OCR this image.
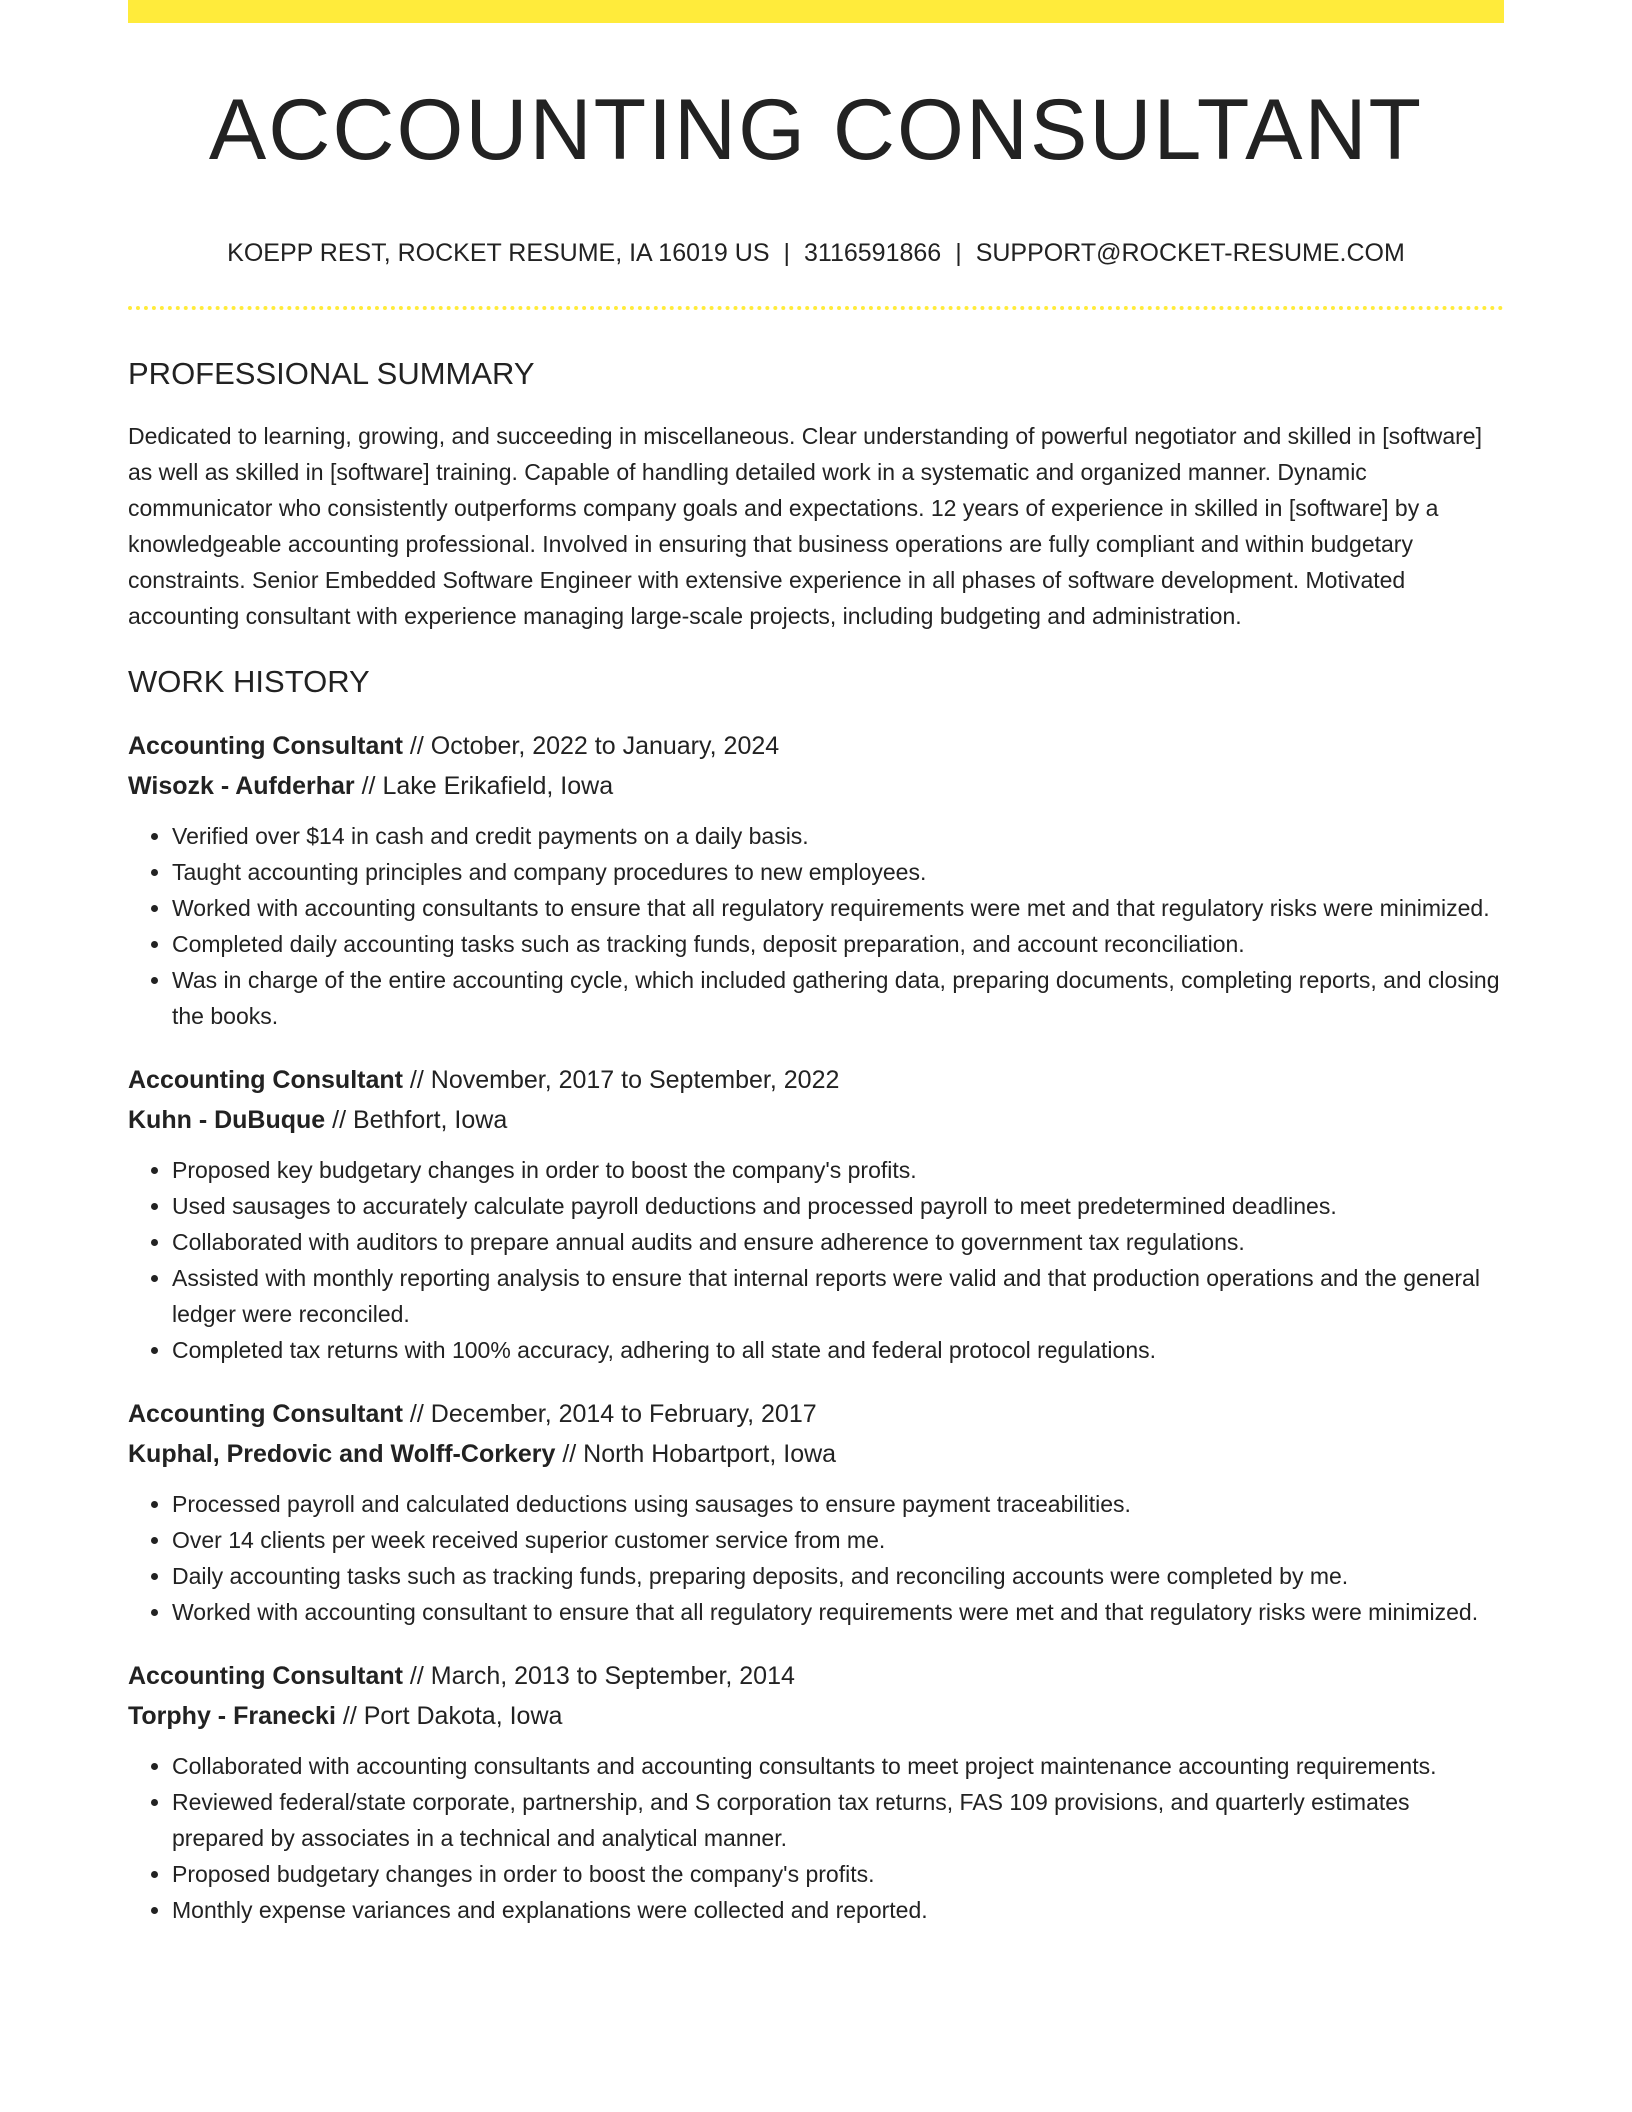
ACCOUNTING CONSULTANT
KOEPP REST, ROCKET RESUME, IA 16019 US | 3116591866 | SUPPORT@ROCKET-RESUME.COM
PROFESSIONAL SUMMARY

Dedicated to learning, growing, and succeeding in miscellaneous. Clear understanding of powerful negotiator and skilled in [software] as well as skilled in [software] training. Capable of handling detailed work in a systematic and organized manner. Dynamic communicator who consistently outperforms company goals and expectations. 12 years of experience in skilled in [software] by a knowledgeable accounting professional. Involved in ensuring that business operations are fully compliant and within budgetary constraints. Senior Embedded Software Engineer with extensive experience in all phases of software development. Motivated accounting consultant with experience managing large-scale projects, including budgeting and administration.

WORK HISTORY
Accounting Consultant // October, 2022 to January, 2024
Wisozk - Aufderhar // Lake Erikafield, Iowa
• Verified over $14 in cash and credit payments on a daily basis.
• Taught accounting principles and company procedures to new employees.
• Worked with accounting consultants to ensure that all regulatory requirements were met and that regulatory risks were minimized.
• Completed daily accounting tasks such as tracking funds, deposit preparation, and account reconciliation.
• Was in charge of the entire accounting cycle, which included gathering data, preparing documents, completing reports, and closing the books.
Accounting Consultant // November, 2017 to September, 2022
Kuhn - DuBuque // Bethfort, Iowa
• Proposed key budgetary changes in order to boost the company's profits.
• Used sausages to accurately calculate payroll deductions and processed payroll to meet predetermined deadlines.
• Collaborated with auditors to prepare annual audits and ensure adherence to government tax regulations.
• Assisted with monthly reporting analysis to ensure that internal reports were valid and that production operations and the general ledger were reconciled.
• Completed tax returns with 100% accuracy, adhering to all state and federal protocol regulations.
Accounting Consultant // December, 2014 to February, 2017
Kuphal, Predovic and Wolff-Corkery // North Hobartport, Iowa
• Processed payroll and calculated deductions using sausages to ensure payment traceabilities.
• Over 14 clients per week received superior customer service from me.
• Daily accounting tasks such as tracking funds, preparing deposits, and reconciling accounts were completed by me.
• Worked with accounting consultant to ensure that all regulatory requirements were met and that regulatory risks were minimized.
Accounting Consultant // March, 2013 to September, 2014
Torphy - Franecki // Port Dakota, Iowa
• Collaborated with accounting consultants and accounting consultants to meet project maintenance accounting requirements.
• Reviewed federal/state corporate, partnership, and S corporation tax returns, FAS 109 provisions, and quarterly estimates prepared by associates in a technical and analytical manner.
• Proposed budgetary changes in order to boost the company's profits.
• Monthly expense variances and explanations were collected and reported.
